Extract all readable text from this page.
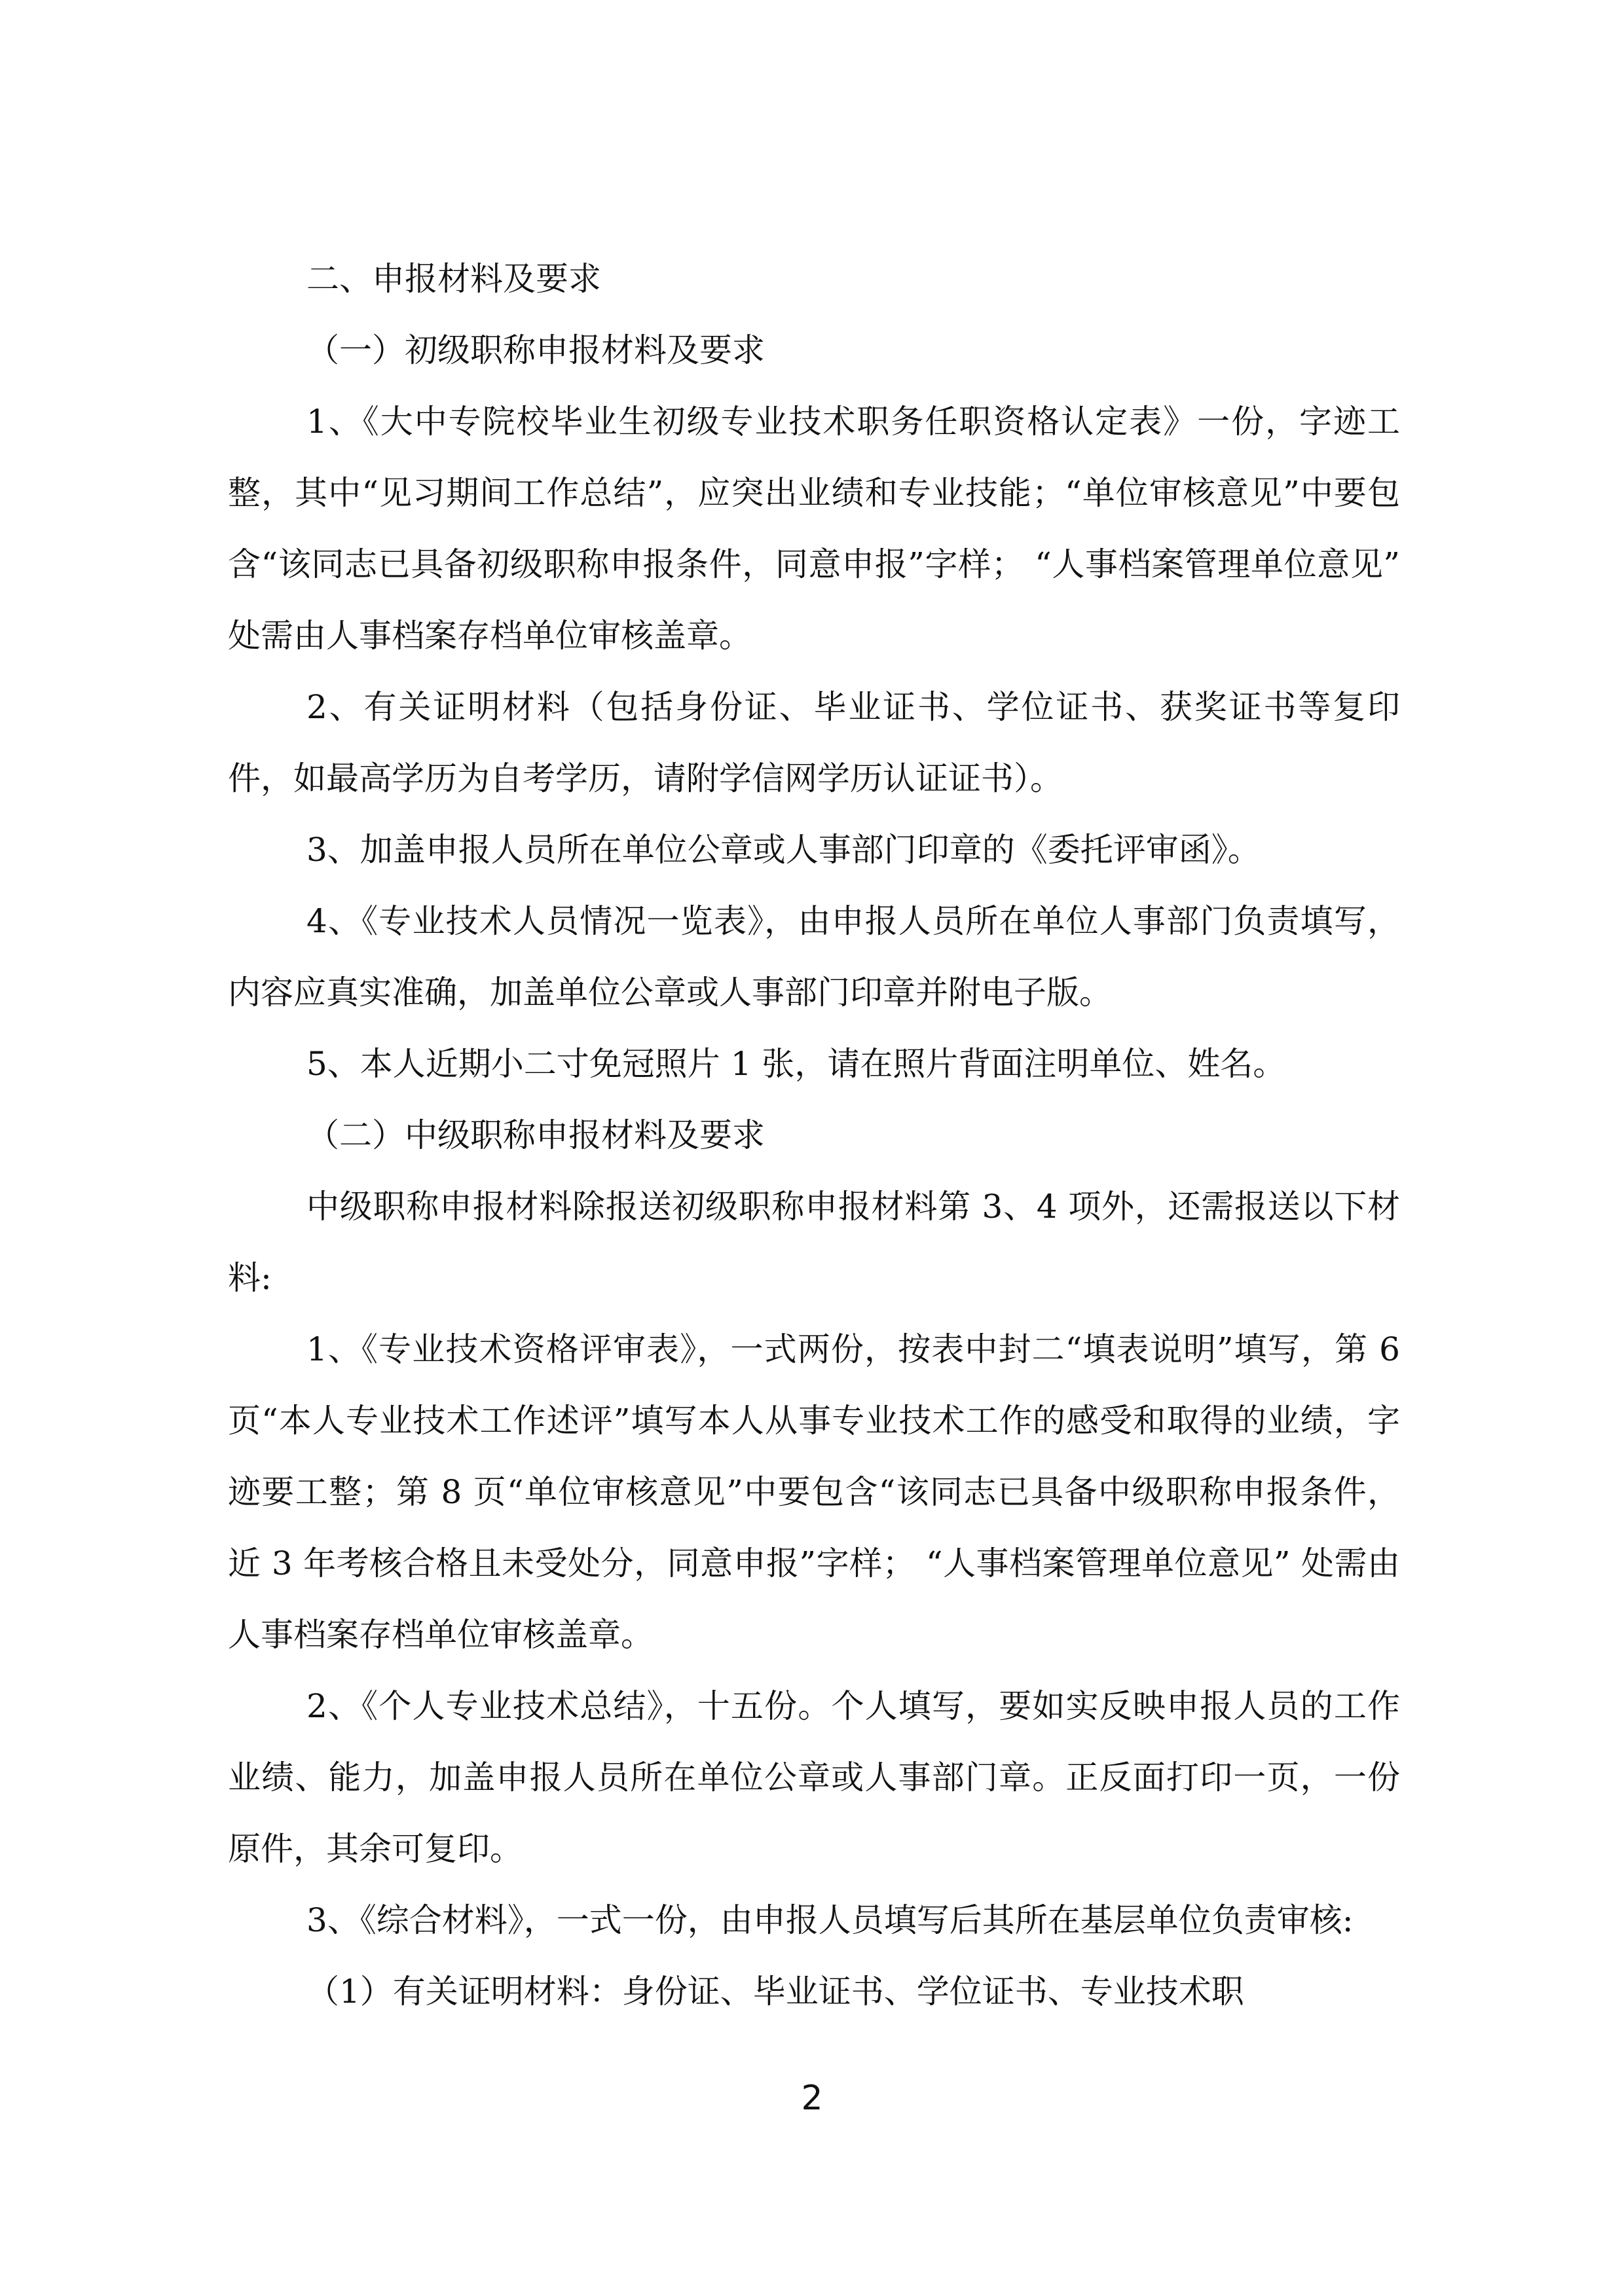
二、申报材料及要求

（一）初级职称申报材料及要求

1、《大中专院校毕业生初级专业技术职务任职资格认定表》一份，字迹工整，其中“见习期间工作总结”，应突出业绩和专业技能；“单位审核意见”中要包含“该同志已具备初级职称申报条件，同意申报”字样； “人事档案管理单位意见” 处需由人事档案存档单位审核盖章。

2、有关证明材料（包括身份证、毕业证书、学位证书、获奖证书等复印件，如最高学历为自考学历，请附学信网学历认证证书）。

3、加盖申报人员所在单位公章或人事部门印章的《委托评审函》。

4、《专业技术人员情况一览表》，由申报人员所在单位人事部门负责填写，内容应真实准确，加盖单位公章或人事部门印章并附电子版。

5、本人近期小二寸免冠照片 1 张，请在照片背面注明单位、姓名。

（二）中级职称申报材料及要求

中级职称申报材料除报送初级职称申报材料第 3、4 项外，还需报送以下材料:

1、《专业技术资格评审表》，一式两份，按表中封二“填表说明”填写，第 6 页“本人专业技术工作述评”填写本人从事专业技术工作的感受和取得的业绩，字迹要工整；第 8 页“单位审核意见”中要包含“该同志已具备中级职称申报条件，近 3 年考核合格且未受处分，同意申报”字样； “人事档案管理单位意见” 处需由人事档案存档单位审核盖章。

2、《个人专业技术总结》，十五份。个人填写，要如实反映申报人员的工作业绩、能力，加盖申报人员所在单位公章或人事部门章。正反面打印一页，一份原件，其余可复印。

3、《综合材料》，一式一份，由申报人员填写后其所在基层单位负责审核:

（1）有关证明材料：身份证、毕业证书、学位证书、专业技术职

2
